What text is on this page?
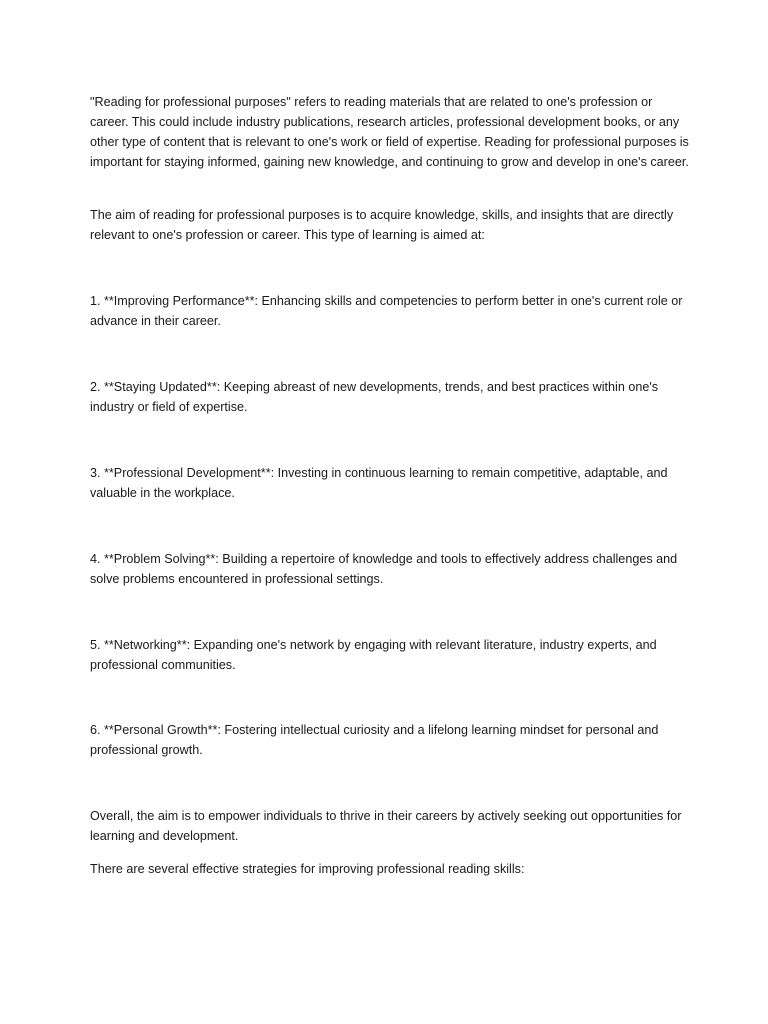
"Reading for professional purposes" refers to reading materials that are related to one's profession or career. This could include industry publications, research articles, professional development books, or any other type of content that is relevant to one's work or field of expertise. Reading for professional purposes is important for staying informed, gaining new knowledge, and continuing to grow and develop in one's career.

The aim of reading for professional purposes is to acquire knowledge, skills, and insights that are directly relevant to one's profession or career. This type of learning is aimed at:

1. **Improving Performance**: Enhancing skills and competencies to perform better in one's current role or advance in their career.

2. **Staying Updated**: Keeping abreast of new developments, trends, and best practices within one's industry or field of expertise.

3. **Professional Development**: Investing in continuous learning to remain competitive, adaptable, and valuable in the workplace.

4. **Problem Solving**: Building a repertoire of knowledge and tools to effectively address challenges and solve problems encountered in professional settings.

5. **Networking**: Expanding one's network by engaging with relevant literature, industry experts, and professional communities.

6. **Personal Growth**: Fostering intellectual curiosity and a lifelong learning mindset for personal and professional growth.

Overall, the aim is to empower individuals to thrive in their careers by actively seeking out opportunities for learning and development.

There are several effective strategies for improving professional reading skills:
